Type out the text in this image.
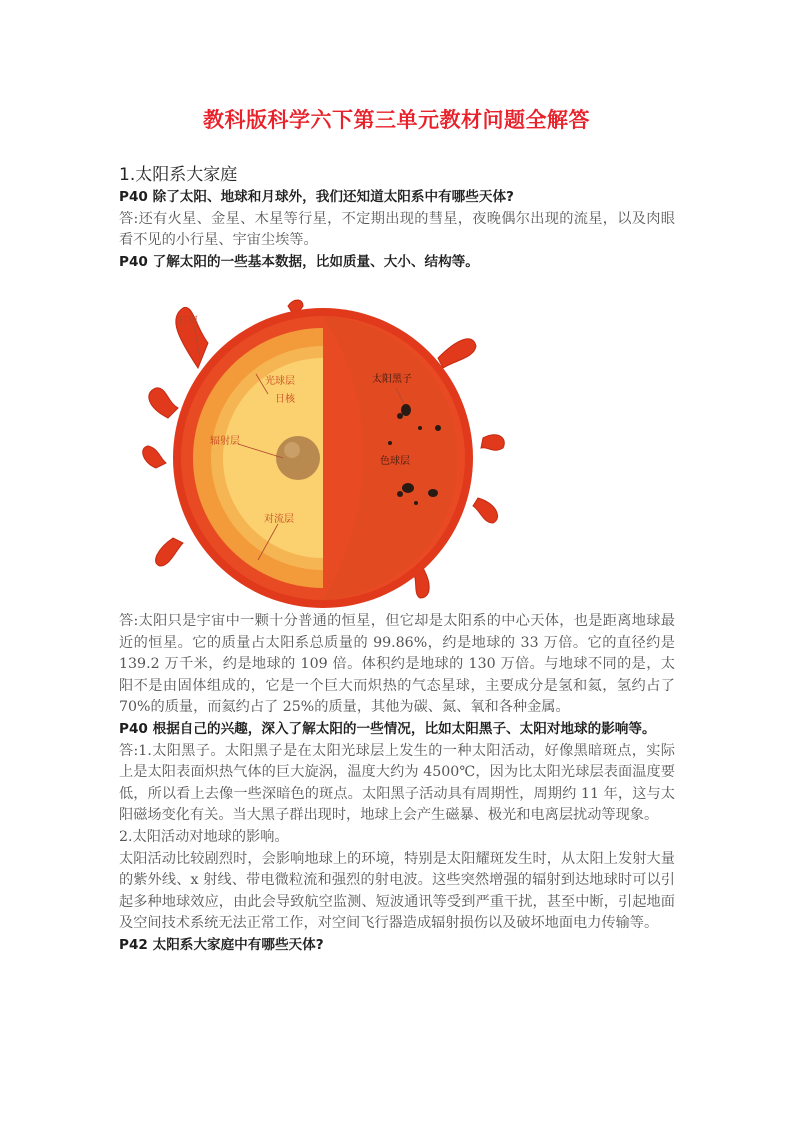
教科版科学六下第三单元教材问题全解答
1.太阳系大家庭
P40 除了太阳、地球和月球外，我们还知道太阳系中有哪些天体?
答:还有火星、金星、木星等行星，不定期出现的彗星，夜晚偶尔出现的流星，以及肉眼看不见的小行星、宇宙尘埃等。
P40 了解太阳的一些基本数据，比如质量、大小、结构等。
日珥
光球层
日核
辐射层
对流层
太阳黑子
色球层
答:太阳只是宇宙中一颗十分普通的恒星，但它却是太阳系的中心天体，也是距离地球最近的恒星。它的质量占太阳系总质量的 99.86%，约是地球的 33 万倍。它的直径约是 139.2 万千米，约是地球的 109 倍。体积约是地球的 130 万倍。与地球不同的是，太阳不是由固体组成的，它是一个巨大而炽热的气态星球，主要成分是氢和氦，氢约占了 70%的质量，而氦约占了 25%的质量，其他为碳、氮、氧和各种金属。
P40 根据自己的兴趣，深入了解太阳的一些情况，比如太阳黑子、太阳对地球的影响等。
答:1.太阳黑子。太阳黑子是在太阳光球层上发生的一种太阳活动，好像黑暗斑点，实际上是太阳表面炽热气体的巨大旋涡，温度大约为 4500℃，因为比太阳光球层表面温度要低，所以看上去像一些深暗色的斑点。太阳黑子活动具有周期性，周期约 11 年，这与太阳磁场变化有关。当大黑子群出现时，地球上会产生磁暴、极光和电离层扰动等现象。
2.太阳活动对地球的影响。
太阳活动比较剧烈时，会影响地球上的环境，特别是太阳耀斑发生时，从太阳上发射大量的紫外线、x 射线、带电微粒流和强烈的射电波。这些突然增强的辐射到达地球时可以引起多种地球效应，由此会导致航空监测、短波通讯等受到严重干扰，甚至中断，引起地面及空间技术系统无法正常工作，对空间飞行器造成辐射损伤以及破坏地面电力传输等。
P42 太阳系大家庭中有哪些天体?
